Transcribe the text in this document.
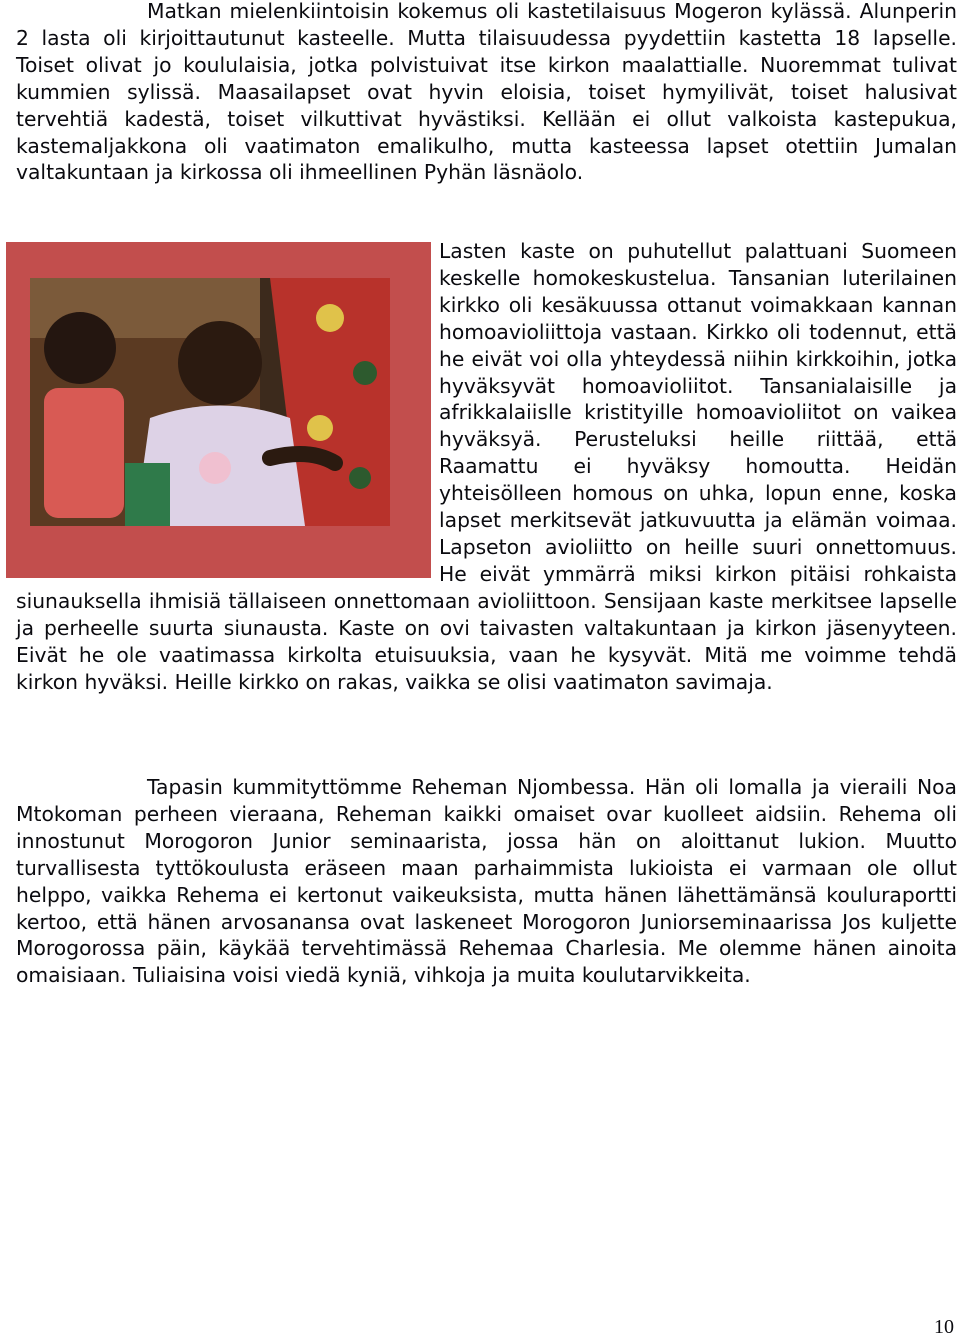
Matkan mielenkiintoisin kokemus oli kastetilaisuus Mogeron kylässä. Alunperin 2 lasta oli kirjoittautunut kasteelle. Mutta tilaisuudessa pyydettiin kastetta 18 lapselle. Toiset olivat jo koululaisia, jotka polvistuivat itse kirkon maalattialle. Nuoremmat tulivat kummien sylissä. Maasailapset ovat hyvin eloisia, toiset hymyilivät, toiset halusivat tervehtiä kadestä, toiset vilkuttivat hyvästiksi. Kellään ei ollut valkoista kastepukua, kastemaljakkona oli vaatimaton emalikulho, mutta kasteessa lapset otettiin Jumalan valtakuntaan ja kirkossa oli ihmeellinen Pyhän läsnäolo.

Lasten kaste on puhutellut palattuani Suomeen keskelle homokeskustelua. Tansanian luterilainen kirkko oli kesäkuussa ottanut voimakkaan kannan homoavioliittoja vastaan. Kirkko oli todennut, että he eivät voi olla yhteydessä niihin kirkkoihin, jotka hyväksyvät homoavioliitot. Tansanialaisille ja afrikkalaiislle kristityille homoavioliitot on vaikea hyväksyä. Perusteluksi heille riittää, että Raamattu ei hyväksy homoutta. Heidän yhteisölleen homous on uhka, lopun enne, koska lapset merkitsevät jatkuvuutta ja elämän voimaa. Lapseton avioliitto on heille suuri onnettomuus. He eivät ymmärrä miksi kirkon pitäisi rohkaista siunauksella ihmisiä tällaiseen onnettomaan avioliittoon. Sensijaan kaste merkitsee lapselle ja perheelle suurta siunausta. Kaste on ovi taivasten valtakuntaan ja kirkon jäsenyyteen. Eivät he ole vaatimassa kirkolta etuisuuksia, vaan he kysyvät. Mitä me voimme tehdä kirkon hyväksi. Heille kirkko on rakas, vaikka se olisi vaatimaton savimaja.

Tapasin kummityttömme Reheman Njombessa. Hän oli lomalla ja vieraili Noa Mtokoman perheen vieraana, Reheman kaikki omaiset ovar kuolleet aidsiin. Rehema oli innostunut Morogoron Junior seminaarista, jossa hän on aloittanut lukion. Muutto turvallisesta tyttökoulusta eräseen maan parhaimmista lukioista ei varmaan ole ollut helppo, vaikka Rehema ei kertonut vaikeuksista, mutta hänen lähettämänsä kouluraportti kertoo, että hänen arvosanansa ovat laskeneet Morogoron Juniorseminaarissa Jos kuljette Morogorossa päin, käykää tervehtimässä Rehemaa Charlesia. Me olemme hänen ainoita omaisiaan. Tuliaisina voisi viedä kyniä, vihkoja ja muita koulutarvikkeita.

10
